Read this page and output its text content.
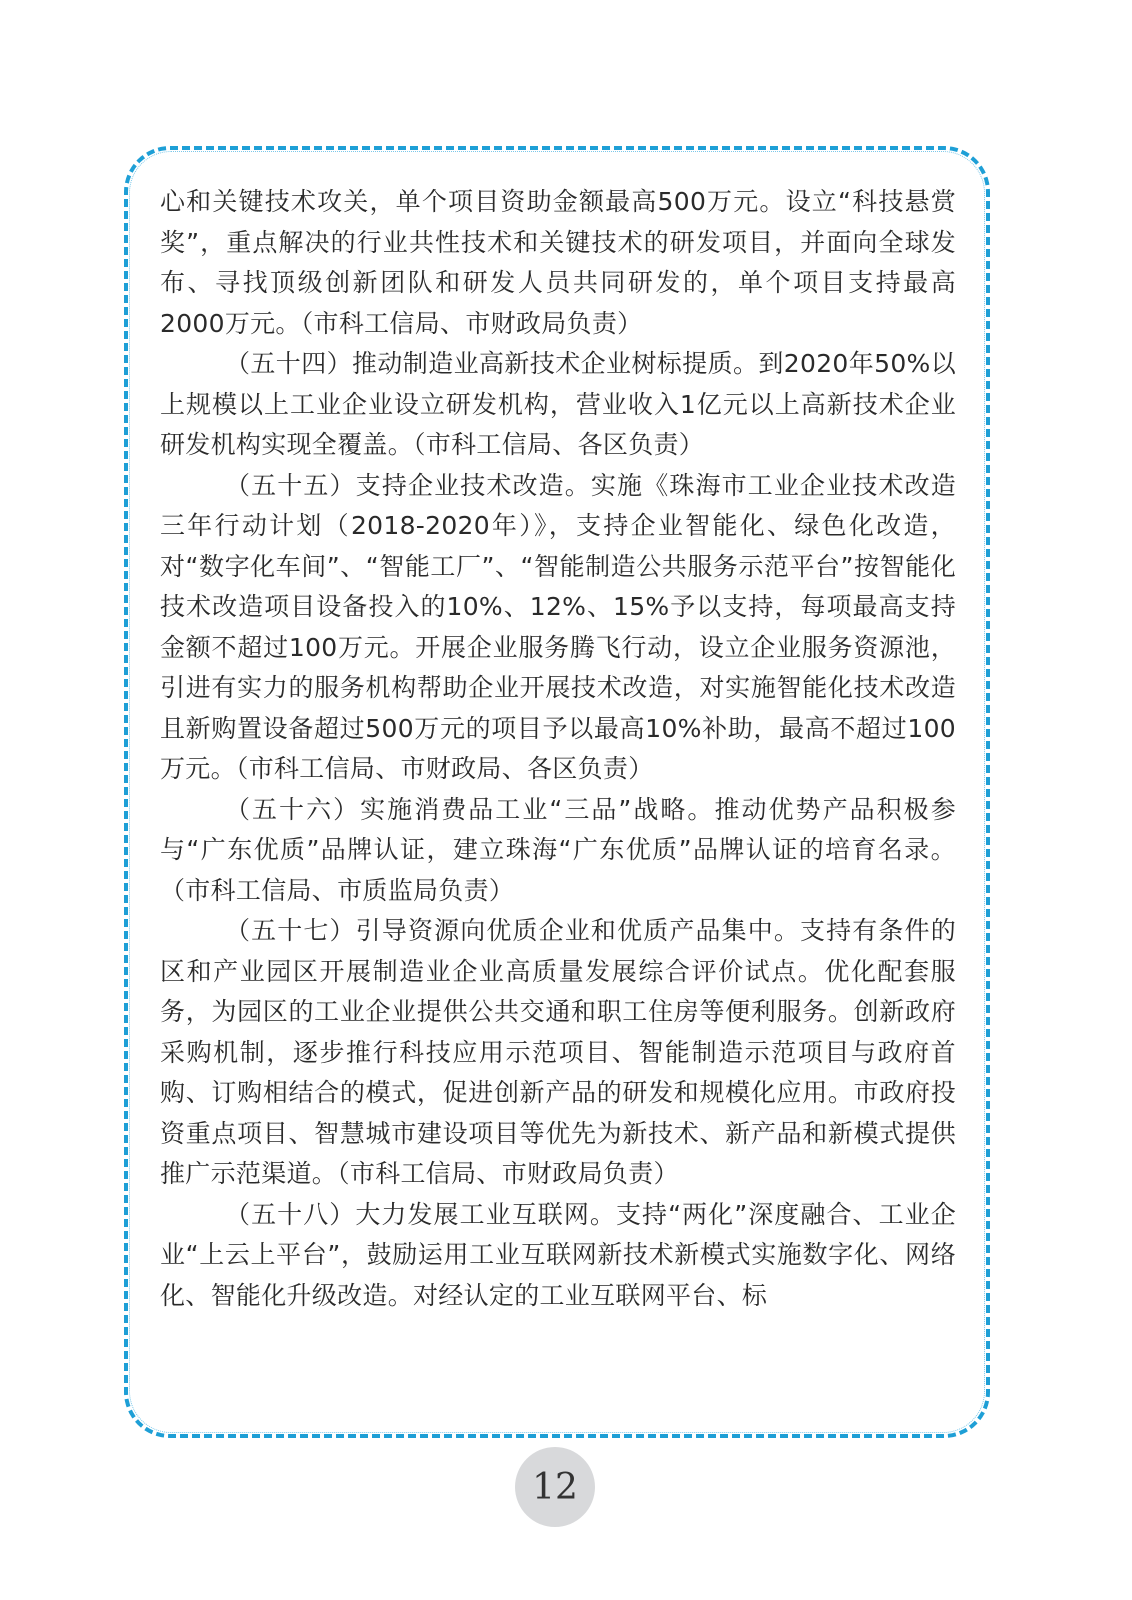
心和关键技术攻关，单个项目资助金额最高500万元。设立“科技悬赏奖”，重点解决的行业共性技术和关键技术的研发项目，并面向全球发布、寻找顶级创新团队和研发人员共同研发的，单个项目支持最高2000万元。（市科工信局、市财政局负责）

（五十四）推动制造业高新技术企业树标提质。到2020年50%以上规模以上工业企业设立研发机构，营业收入1亿元以上高新技术企业研发机构实现全覆盖。（市科工信局、各区负责）

（五十五）支持企业技术改造。实施《珠海市工业企业技术改造三年行动计划（2018-2020年）》，支持企业智能化、绿色化改造，对“数字化车间”、“智能工厂”、“智能制造公共服务示范平台”按智能化技术改造项目设备投入的10%、12%、15%予以支持，每项最高支持金额不超过100万元。开展企业服务腾飞行动，设立企业服务资源池，引进有实力的服务机构帮助企业开展技术改造，对实施智能化技术改造且新购置设备超过500万元的项目予以最高10%补助，最高不超过100万元。（市科工信局、市财政局、各区负责）

（五十六）实施消费品工业“三品”战略。推动优势产品积极参与“广东优质”品牌认证，建立珠海“广东优质”品牌认证的培育名录。（市科工信局、市质监局负责）

（五十七）引导资源向优质企业和优质产品集中。支持有条件的区和产业园区开展制造业企业高质量发展综合评价试点。优化配套服务，为园区的工业企业提供公共交通和职工住房等便利服务。创新政府采购机制，逐步推行科技应用示范项目、智能制造示范项目与政府首购、订购相结合的模式，促进创新产品的研发和规模化应用。市政府投资重点项目、智慧城市建设项目等优先为新技术、新产品和新模式提供推广示范渠道。（市科工信局、市财政局负责）

（五十八）大力发展工业互联网。支持“两化”深度融合、工业企业“上云上平台”，鼓励运用工业互联网新技术新模式实施数字化、网络化、智能化升级改造。对经认定的工业互联网平台、标

12
